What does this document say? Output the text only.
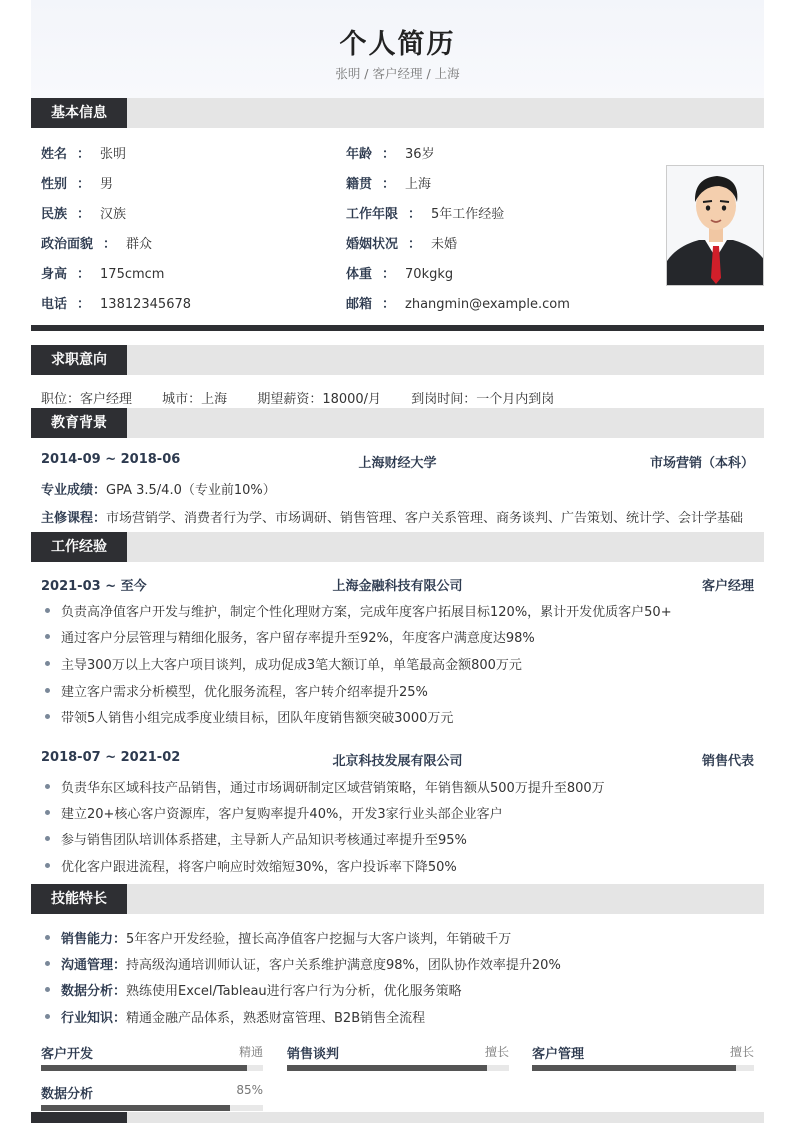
个人简历
张明 / 客户经理 / 上海
基本信息
姓名 ： 张明	年龄 ： 36岁
性别 ： 男	籍贯 ： 上海
民族 ： 汉族	工作年限 ： 5年工作经验
政治面貌 ： 群众	婚姻状况 ： 未婚
身高 ： 175cmcm	体重 ： 70kgkg
电话 ： 13812345678	邮箱 ： zhangmin@example.com
求职意向
职位：客户经理 城市：上海 期望薪资：18000/月 到岗时间：一个月内到岗
教育背景
2014-09 ~ 2018-06	上海财经大学	市场营销（本科）
专业成绩：GPA 3.5/4.0（专业前10%）
主修课程：市场营销学、消费者行为学、市场调研、销售管理、客户关系管理、商务谈判、广告策划、统计学、会计学基础
工作经验
2021-03 ~ 至今	上海金融科技有限公司	客户经理
负责高净值客户开发与维护，制定个性化理财方案，完成年度客户拓展目标120%，累计开发优质客户50+
通过客户分层管理与精细化服务，客户留存率提升至92%，年度客户满意度达98%
主导300万以上大客户项目谈判，成功促成3笔大额订单，单笔最高金额800万元
建立客户需求分析模型，优化服务流程，客户转介绍率提升25%
带领5人销售小组完成季度业绩目标，团队年度销售额突破3000万元
2018-07 ~ 2021-02	北京科技发展有限公司	销售代表
负责华东区域科技产品销售，通过市场调研制定区域营销策略，年销售额从500万提升至800万
建立20+核心客户资源库，客户复购率提升40%，开发3家行业头部企业客户
参与销售团队培训体系搭建，主导新人产品知识考核通过率提升至95%
优化客户跟进流程，将客户响应时效缩短30%，客户投诉率下降50%
技能特长
销售能力：5年客户开发经验，擅长高净值客户挖掘与大客户谈判，年销破千万
沟通管理：持高级沟通培训师认证，客户关系维护满意度98%，团队协作效率提升20%
数据分析：熟练使用Excel/Tableau进行客户行为分析，优化服务策略
行业知识：精通金融产品体系，熟悉财富管理、B2B销售全流程
客户开发	精通 销售谈判	擅长 客户管理	擅长
数据分析	85%
